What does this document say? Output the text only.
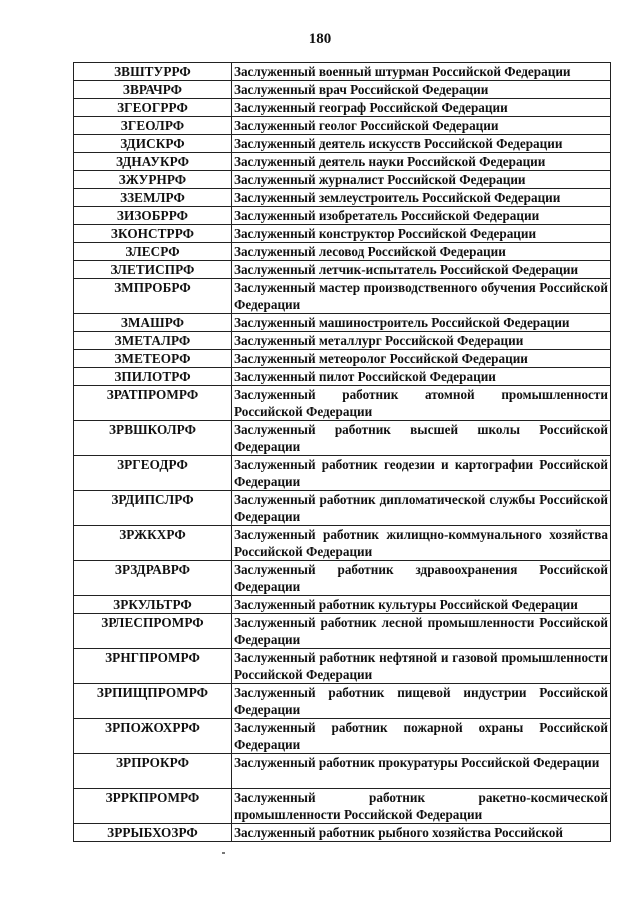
180
ЗВШТУРРФ	Заслуженный военный штурман Российской Федерации
ЗВРАЧРФ	Заслуженный врач Российской Федерации
ЗГЕОГРРФ	Заслуженный географ Российской Федерации
ЗГЕОЛРФ	Заслуженный геолог Российской Федерации
ЗДИСКРФ	Заслуженный деятель искусств Российской Федерации
ЗДНАУКРФ	Заслуженный деятель науки Российской Федерации
ЗЖУРНРФ	Заслуженный журналист Российской Федерации
ЗЗЕМЛРФ	Заслуженный землеустроитель Российской Федерации
ЗИЗОБРРФ	Заслуженный изобретатель Российской Федерации
ЗКОНСТРРФ	Заслуженный конструктор Российской Федерации
ЗЛЕСРФ	Заслуженный лесовод Российской Федерации
ЗЛЕТИСПРФ	Заслуженный летчик-испытатель Российской Федерации
ЗМПРОБРФ	Заслуженный мастер производственного обучения Российской Федерации
ЗМАШРФ	Заслуженный машиностроитель Российской Федерации
ЗМЕТАЛРФ	Заслуженный металлург Российской Федерации
ЗМЕТЕОРФ	Заслуженный метеоролог Российской Федерации
ЗПИЛОТРФ	Заслуженный пилот Российской Федерации
ЗРАТПРОМРФ	Заслуженный работник атомной промышленности Российской Федерации
ЗРВШКОЛРФ	Заслуженный работник высшей школы Российской Федерации
ЗРГЕОДРФ	Заслуженный работник геодезии и картографии Российской Федерации
ЗРДИПСЛРФ	Заслуженный работник дипломатической службы Российской Федерации
ЗРЖКХРФ	Заслуженный работник жилищно-коммунального хозяйства Российской Федерации
ЗРЗДРАВРФ	Заслуженный работник здравоохранения Российской Федерации
ЗРКУЛЬТРФ	Заслуженный работник культуры Российской Федерации
ЗРЛЕСПРОМРФ	Заслуженный работник лесной промышленности Российской Федерации
ЗРНГПРОМРФ	Заслуженный работник нефтяной и газовой промышленности Российской Федерации
ЗРПИЩПРОМРФ	Заслуженный работник пищевой индустрии Российской Федерации
ЗРПОЖОХРРФ	Заслуженный работник пожарной охраны Российской Федерации
ЗРПРОКРФ	Заслуженный работник прокуратуры Российской Федерации
ЗРРКПРОМРФ	Заслуженный работник ракетно-космической промышленности Российской Федерации
ЗРРЫБХОЗРФ	Заслуженный работник рыбного хозяйства Российской
